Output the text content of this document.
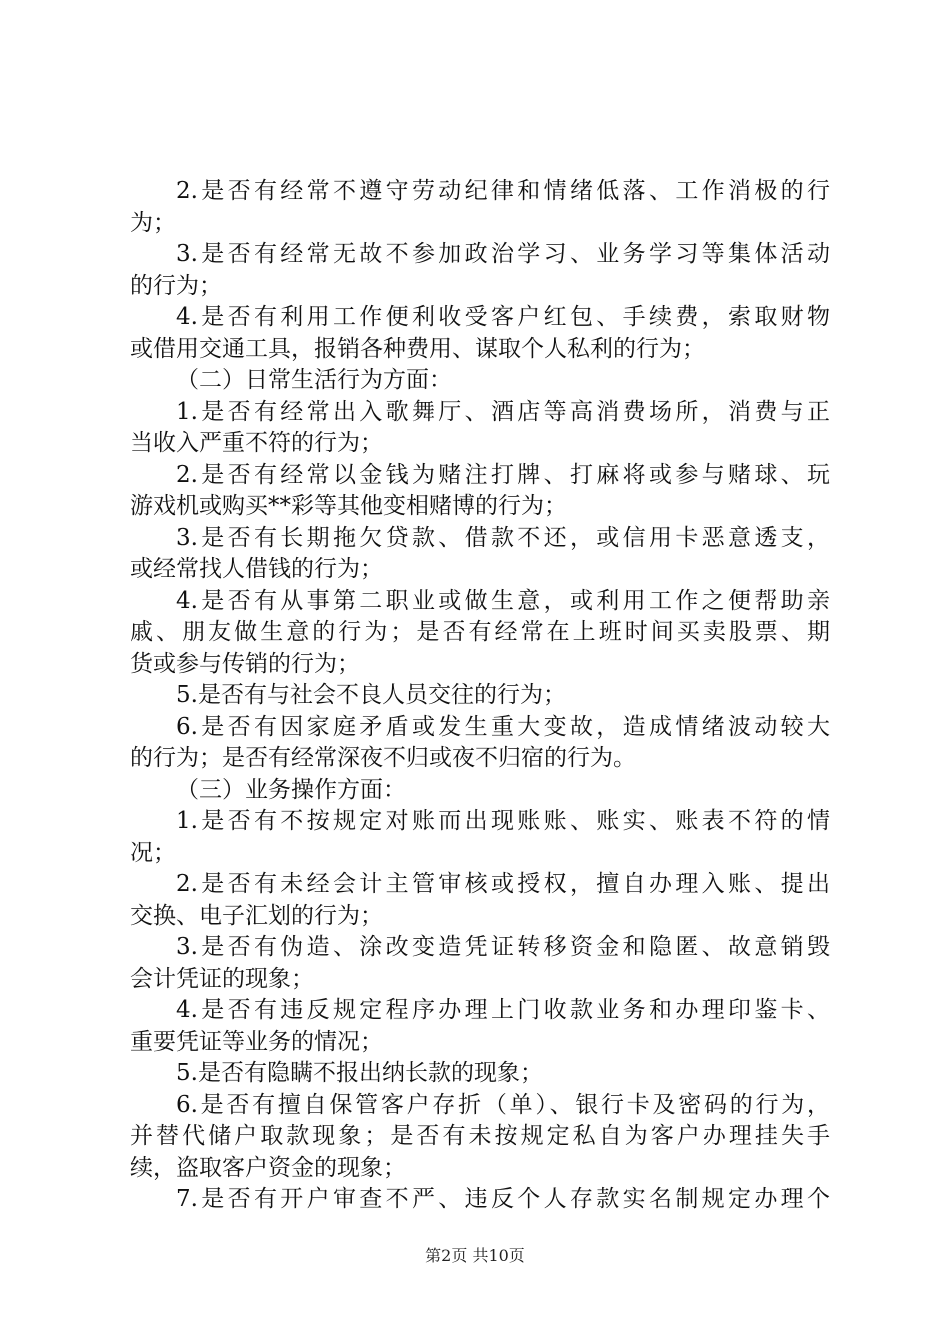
2.是否有经常不遵守劳动纪律和情绪低落、工作消极的行
为；
3.是否有经常无故不参加政治学习、业务学习等集体活动
的行为；
4.是否有利用工作便利收受客户红包、手续费，索取财物
或借用交通工具，报销各种费用、谋取个人私利的行为；
（二）日常生活行为方面：
1.是否有经常出入歌舞厅、酒店等高消费场所，消费与正
当收入严重不符的行为；
2.是否有经常以金钱为赌注打牌、打麻将或参与赌球、玩
游戏机或购买**彩等其他变相赌博的行为；
3.是否有长期拖欠贷款、借款不还，或信用卡恶意透支，
或经常找人借钱的行为；
4.是否有从事第二职业或做生意，或利用工作之便帮助亲
戚、朋友做生意的行为；是否有经常在上班时间买卖股票、期
货或参与传销的行为；
5.是否有与社会不良人员交往的行为；
6.是否有因家庭矛盾或发生重大变故，造成情绪波动较大
的行为；是否有经常深夜不归或夜不归宿的行为。
（三）业务操作方面：
1.是否有不按规定对账而出现账账、账实、账表不符的情
况；
2.是否有未经会计主管审核或授权，擅自办理入账、提出
交换、电子汇划的行为；
3.是否有伪造、涂改变造凭证转移资金和隐匿、故意销毁
会计凭证的现象；
4.是否有违反规定程序办理上门收款业务和办理印鉴卡、
重要凭证等业务的情况；
5.是否有隐瞒不报出纳长款的现象；
6.是否有擅自保管客户存折（单）、银行卡及密码的行为，
并替代储户取款现象；是否有未按规定私自为客户办理挂失手
续，盗取客户资金的现象；
7.是否有开户审查不严、违反个人存款实名制规定办理个
第2页 共10页
